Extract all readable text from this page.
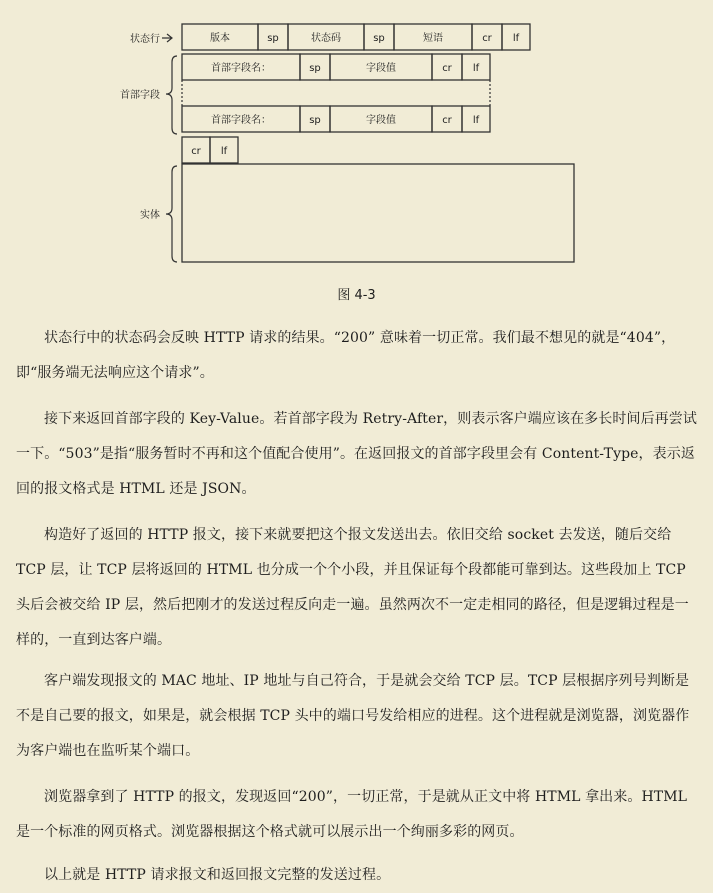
状态行	版本	sp	状态码	sp	短语	cr lf
首部字段
首部字段名：	sp	字段值	cr lf
首部字段名：	sp	字段值	cr lf
cr lf
实体
图 4-3

状态行中的状态码会反映 HTTP 请求的结果。“200” 意味着一切正常。我们最不想见的就是“404”，即“服务端无法响应这个请求”。

接下来返回首部字段的 Key-Value。若首部字段为 Retry-After，则表示客户端应该在多长时间后再尝试一下。“503”是指“服务暂时不再和这个值配合使用”。在返回报文的首部字段里会有 Content-Type，表示返回的报文格式是 HTML 还是 JSON。

构造好了返回的 HTTP 报文，接下来就要把这个报文发送出去。依旧交给 socket 去发送，随后交给 TCP 层，让 TCP 层将返回的 HTML 也分成一个个小段，并且保证每个段都能可靠到达。这些段加上 TCP 头后会被交给 IP 层，然后把刚才的发送过程反向走一遍。虽然两次不一定走相同的路径，但是逻辑过程是一样的，一直到达客户端。

客户端发现报文的 MAC 地址、IP 地址与自己符合，于是就会交给 TCP 层。TCP 层根据序列号判断是不是自己要的报文，如果是，就会根据 TCP 头中的端口号发给相应的进程。这个进程就是浏览器，浏览器作为客户端也在监听某个端口。

浏览器拿到了 HTTP 的报文，发现返回“200”，一切正常，于是就从正文中将 HTML 拿出来。HTML 是一个标准的网页格式。浏览器根据这个格式就可以展示出一个绚丽多彩的网页。

以上就是 HTTP 请求报文和返回报文完整的发送过程。
